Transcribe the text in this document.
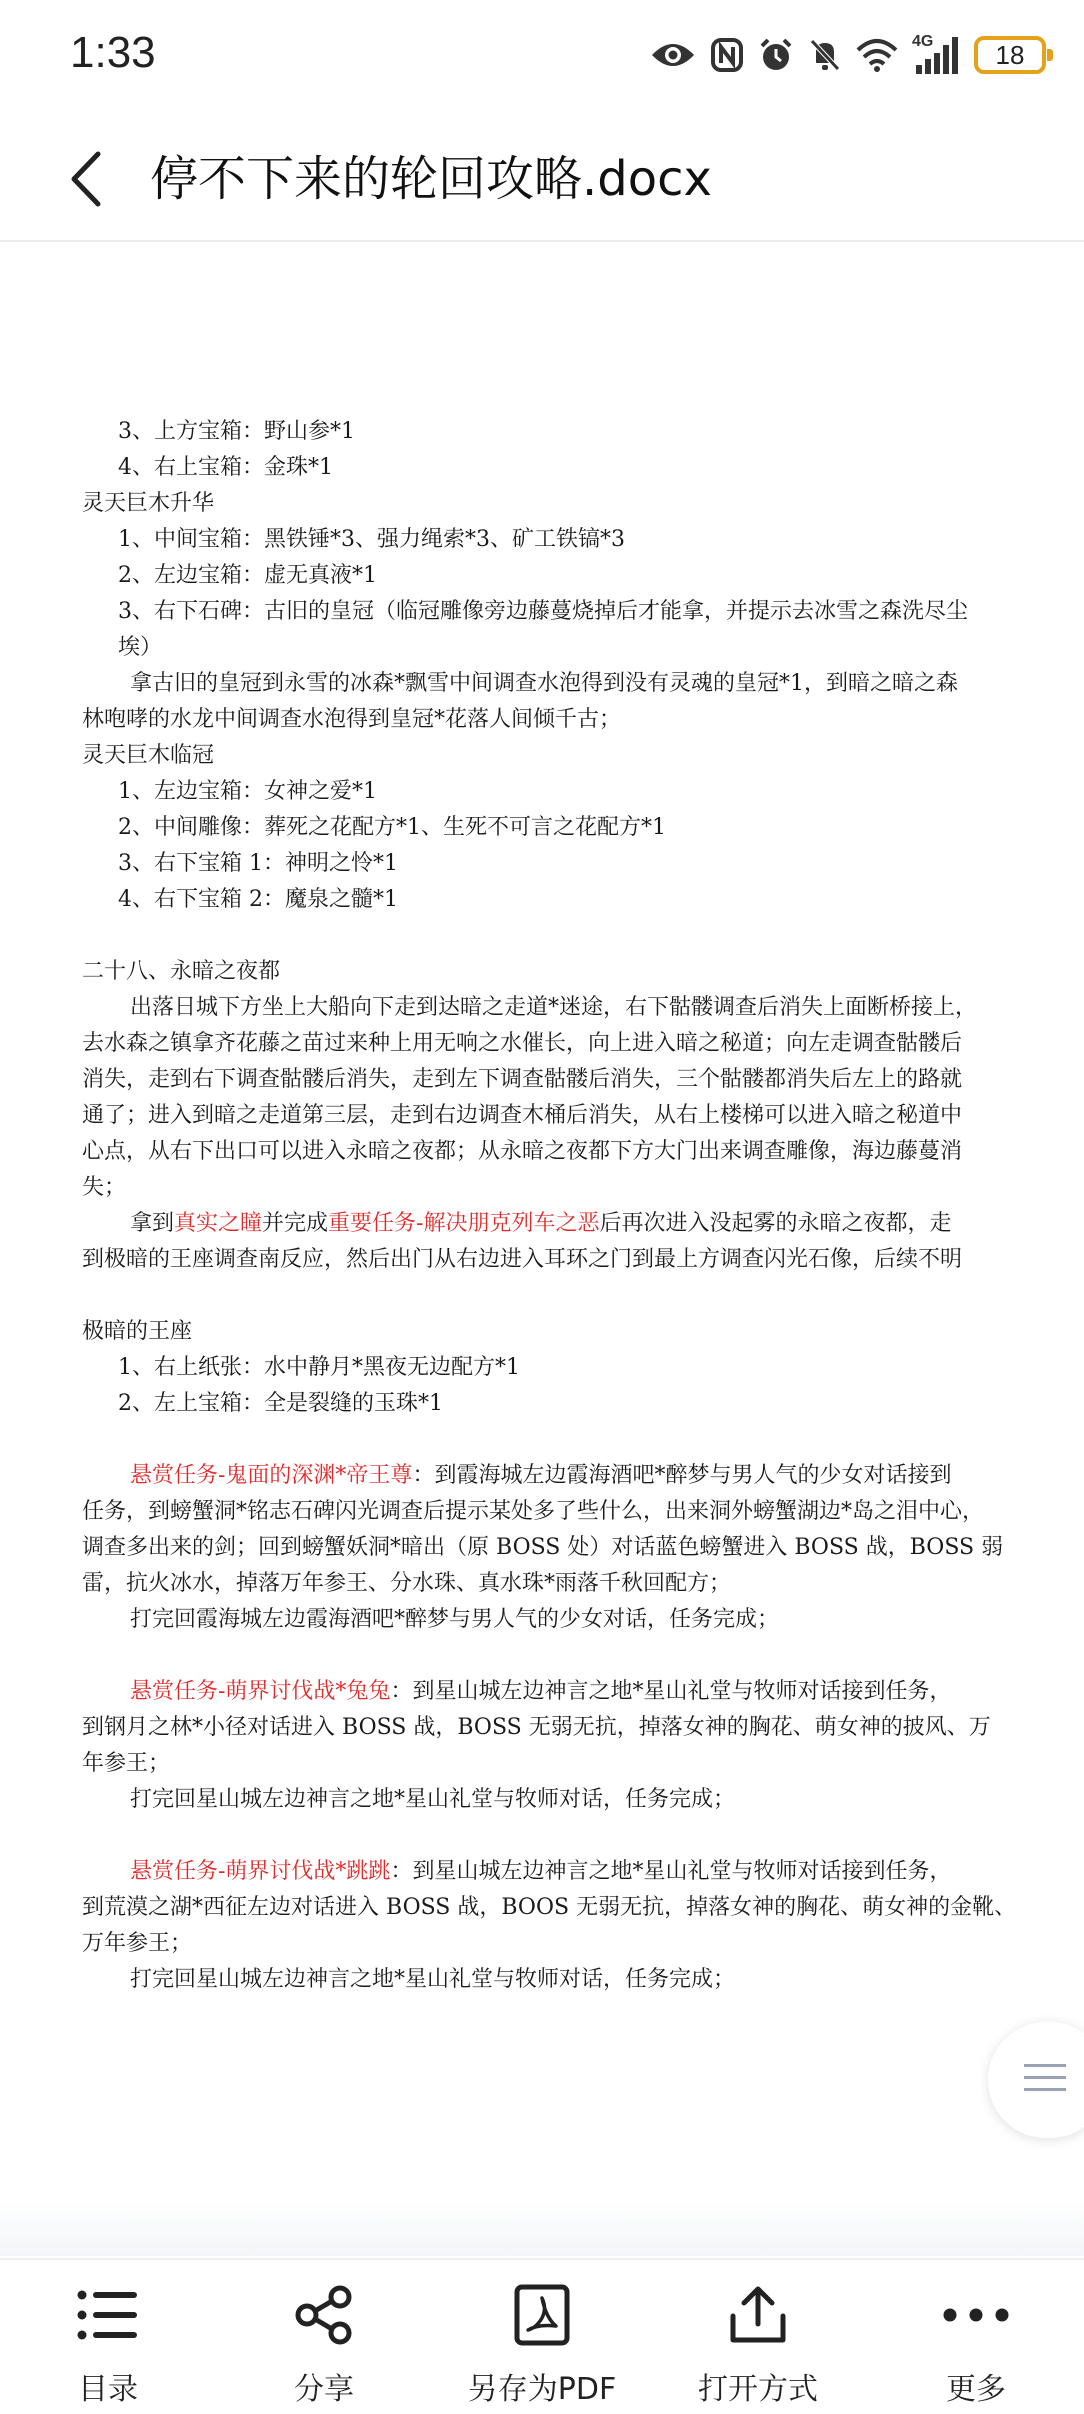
1:33	4G 18
停不下来的轮回攻略.docx

3、上方宝箱：野山参*1

4、右上宝箱：金珠*1

灵天巨木升华

1、中间宝箱：黑铁锤*3、强力绳索*3、矿工铁镐*3

2、左边宝箱：虚无真液*1

3、右下石碑：古旧的皇冠（临冠雕像旁边藤蔓烧掉后才能拿，并提示去冰雪之森洗尽尘

埃）

拿古旧的皇冠到永雪的冰森*飘雪中间调查水泡得到没有灵魂的皇冠*1，到暗之暗之森

林咆哮的水龙中间调查水泡得到皇冠*花落人间倾千古；

灵天巨木临冠

1、左边宝箱：女神之爱*1

2、中间雕像：葬死之花配方*1、生死不可言之花配方*1

3、右下宝箱 1：神明之怜*1

4、右下宝箱 2：魔泉之髓*1

二十八、永暗之夜都

出落日城下方坐上大船向下走到达暗之走道*迷途，右下骷髅调查后消失上面断桥接上，

去水森之镇拿齐花藤之苗过来种上用无响之水催长，向上进入暗之秘道；向左走调查骷髅后

消失，走到右下调查骷髅后消失，走到左下调查骷髅后消失，三个骷髅都消失后左上的路就

通了；进入到暗之走道第三层，走到右边调查木桶后消失，从右上楼梯可以进入暗之秘道中

心点，从右下出口可以进入永暗之夜都；从永暗之夜都下方大门出来调查雕像，海边藤蔓消

失；

拿到真实之瞳并完成重要任务-解决朋克列车之恶后再次进入没起雾的永暗之夜都，走

到极暗的王座调查南反应，然后出门从右边进入耳环之门到最上方调查闪光石像，后续不明

极暗的王座

1、右上纸张：水中静月*黑夜无边配方*1

2、左上宝箱：全是裂缝的玉珠*1

悬赏任务-鬼面的深渊*帝王尊：到霞海城左边霞海酒吧*醉梦与男人气的少女对话接到

任务，到螃蟹洞*铭志石碑闪光调查后提示某处多了些什么，出来洞外螃蟹湖边*岛之泪中心，

调查多出来的剑；回到螃蟹妖洞*暗出（原 BOSS 处）对话蓝色螃蟹进入 BOSS 战，BOSS 弱

雷，抗火冰水，掉落万年参王、分水珠、真水珠*雨落千秋回配方；

打完回霞海城左边霞海酒吧*醉梦与男人气的少女对话，任务完成；

悬赏任务-萌界讨伐战*兔兔：到星山城左边神言之地*星山礼堂与牧师对话接到任务，

到钢月之林*小径对话进入 BOSS 战，BOSS 无弱无抗，掉落女神的胸花、萌女神的披风、万

年参王；

打完回星山城左边神言之地*星山礼堂与牧师对话，任务完成；

悬赏任务-萌界讨伐战*跳跳：到星山城左边神言之地*星山礼堂与牧师对话接到任务，

到荒漠之湖*西征左边对话进入 BOSS 战，BOOS 无弱无抗，掉落女神的胸花、萌女神的金靴、

万年参王；

打完回星山城左边神言之地*星山礼堂与牧师对话，任务完成；

目录	分享	另存为PDF	打开方式	更多
